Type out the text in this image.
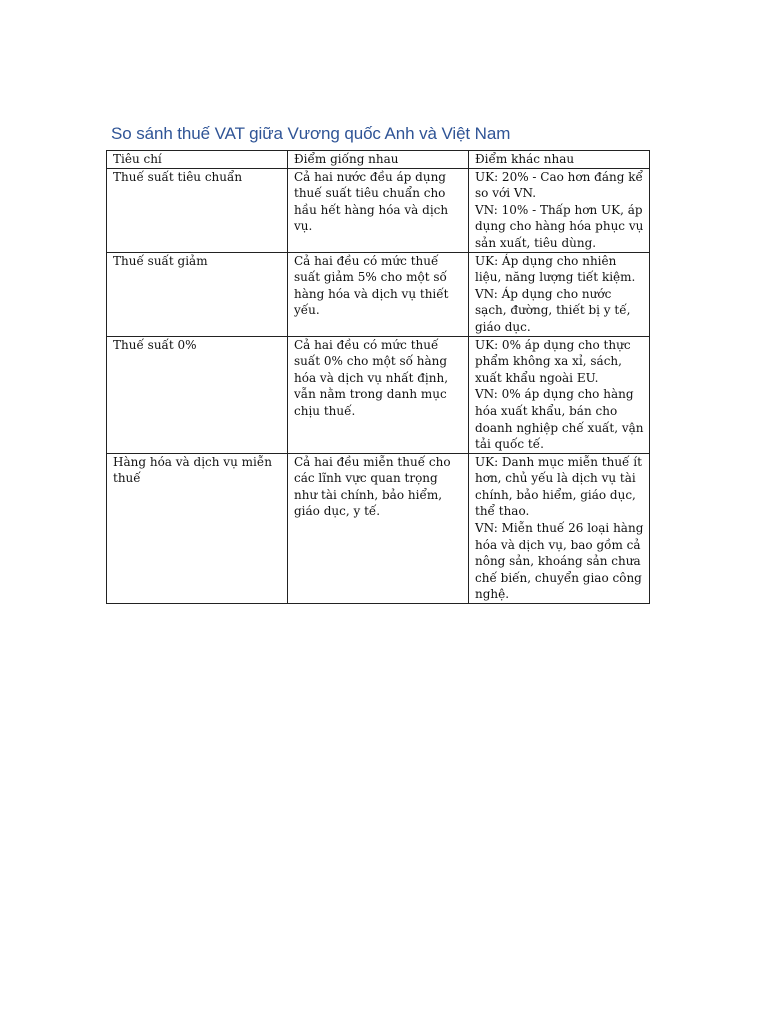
So sánh thuế VAT giữa Vương quốc Anh và Việt Nam
Tiêu chí	Điểm giống nhau	Điểm khác nhau
Thuế suất tiêu chuẩn	Cả hai nước đều áp dụng thuế suất tiêu chuẩn cho hầu hết hàng hóa và dịch vụ.	UK: 20% - Cao hơn đáng kể so với VN.
VN: 10% - Thấp hơn UK, áp dụng cho hàng hóa phục vụ sản xuất, tiêu dùng.

Thuế suất giảm	Cả hai đều có mức thuế suất giảm 5% cho một số hàng hóa và dịch vụ thiết yếu.	UK: Áp dụng cho nhiên liệu, năng lượng tiết kiệm.
VN: Áp dụng cho nước sạch, đường, thiết bị y tế, giáo dục.

Thuế suất 0%	Cả hai đều có mức thuế suất 0% cho một số hàng hóa và dịch vụ nhất định, vẫn nằm trong danh mục chịu thuế.	UK: 0% áp dụng cho thực phẩm không xa xỉ, sách, xuất khẩu ngoài EU.
VN: 0% áp dụng cho hàng hóa xuất khẩu, bán cho doanh nghiệp chế xuất, vận tải quốc tế.

Hàng hóa và dịch vụ miễn thuế	Cả hai đều miễn thuế cho các lĩnh vực quan trọng như tài chính, bảo hiểm, giáo dục, y tế.	UK: Danh mục miễn thuế ít hơn, chủ yếu là dịch vụ tài chính, bảo hiểm, giáo dục, thể thao.
VN: Miễn thuế 26 loại hàng hóa và dịch vụ, bao gồm cả nông sản, khoáng sản chưa chế biến, chuyển giao công nghệ.
